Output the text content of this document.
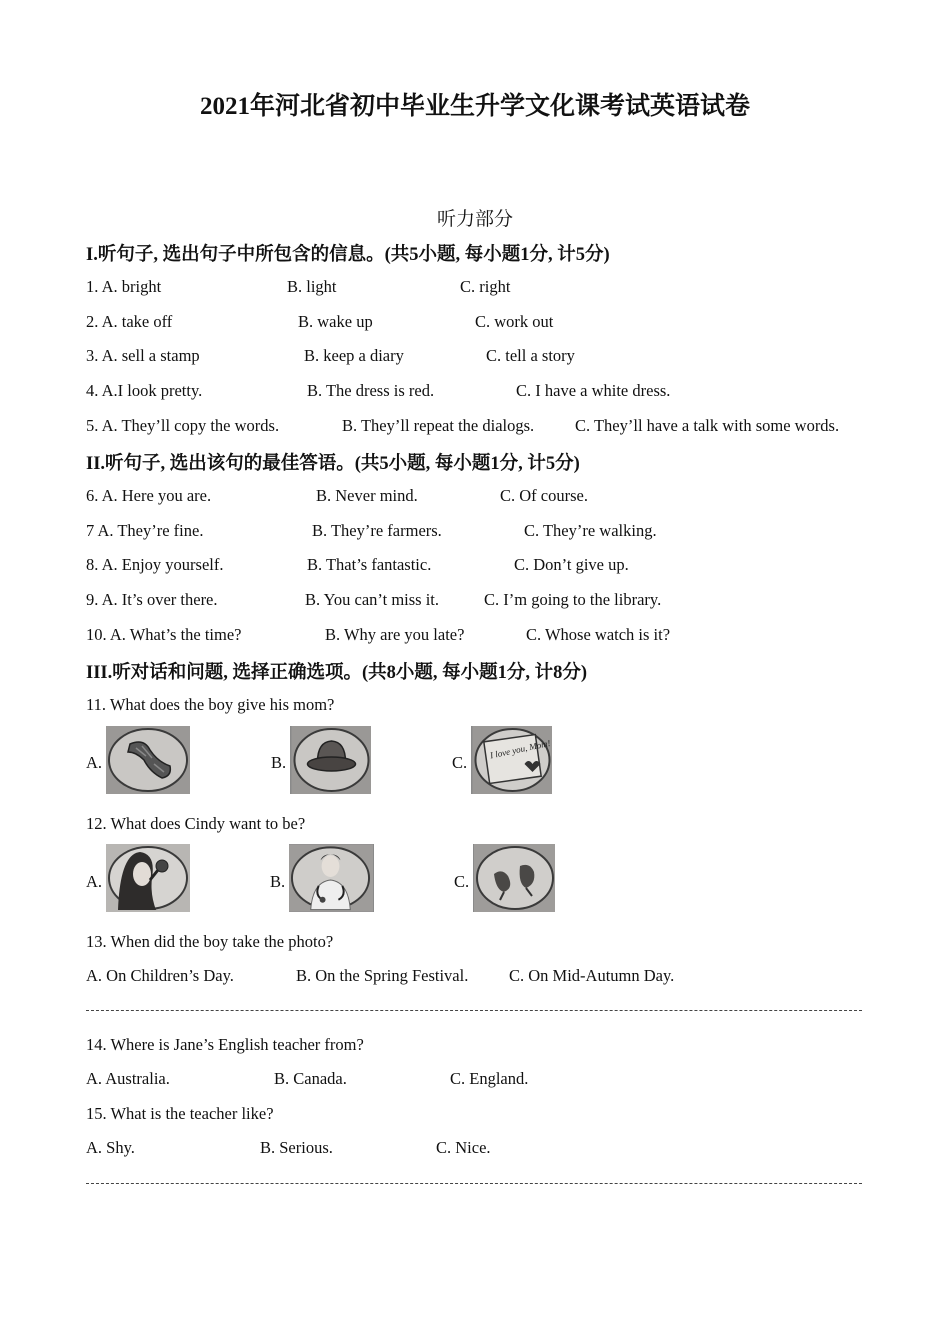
2021年河北省初中毕业生升学文化课考试英语试卷
听力部分
I.听句子, 选出句子中所包含的信息。(共5小题, 每小题1分, 计5分)
1. A. bright	B. light	C. right
2. A. take off	B. wake up	C. work out
3. A. sell a stamp	B. keep a diary	C. tell a story
4. A.I look pretty.	B. The dress is red.	C. I have a white dress.
5. A. They’ll copy the words.	B. They’ll repeat the dialogs. C. They’ll have a talk with some words.
II.听句子, 选出该句的最佳答语。(共5小题, 每小题1分, 计5分)
6. A. Here you are.	B. Never mind.	C. Of course.
7 A. They’re fine.	B. They’re farmers.	C. They’re walking.
8. A. Enjoy yourself.	B. That’s fantastic.	C. Don’t give up.
9. A. It’s over there.	B. You can’t miss it.	C. I’m going to the library.
10. A. What’s the time?	B. Why are you late?	C. Whose watch is it?
III.听对话和问题, 选择正确选项。(共8小题, 每小题1分, 计8分)
11. What does the boy give his mom?
A.	B.	C.
I love you, Mom!
12. What does Cindy want to be?
A.	B.	C.
13. When did the boy take the photo?
A. On Children’s Day.	B. On the Spring Festival. C. On Mid-Autumn Day.
14. Where is Jane’s English teacher from?
A. Australia.	B. Canada.	C. England.
15. What is the teacher like?
A. Shy.	B. Serious.	C. Nice.
